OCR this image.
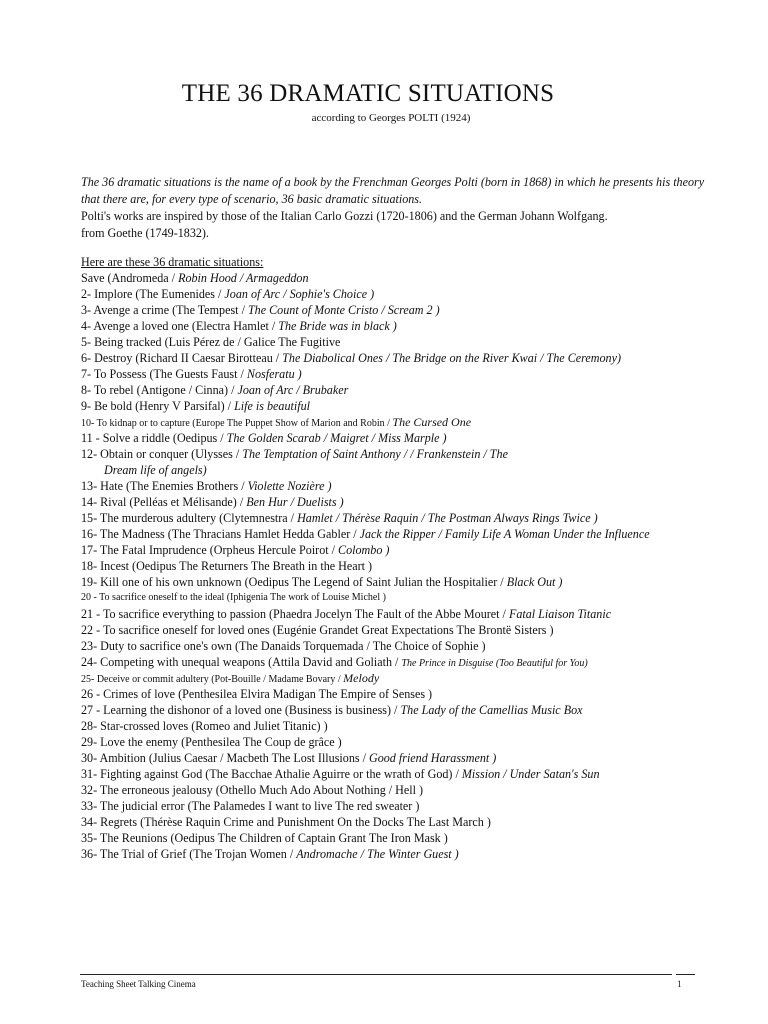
THE 36 DRAMATIC SITUATIONS
according to Georges POLTI (1924)

The 36 dramatic situations is the name of a book by the Frenchman Georges Polti (born in 1868) in which he presents his theory that there are, for every type of scenario, 36 basic dramatic situations.

Polti's works are inspired by those of the Italian Carlo Gozzi (1720-1806) and the German Johann Wolfgang.

from Goethe (1749-1832).

Here are these 36 dramatic situations:
Save (Andromeda / Robin Hood / Armageddon
2- Implore (The Eumenides / Joan of Arc / Sophie's Choice )
3- Avenge a crime (The Tempest / The Count of Monte Cristo / Scream 2 )
4- Avenge a loved one (Electra Hamlet / The Bride was in black )
5- Being tracked (Luis Pérez de / Galice The Fugitive
6- Destroy (Richard II Caesar Birotteau / The Diabolical Ones / The Bridge on the River Kwai / The Ceremony)
7- To Possess (The Guests Faust / Nosferatu )
8- To rebel (Antigone / Cinna) / Joan of Arc / Brubaker
9- Be bold (Henry V Parsifal) / Life is beautiful
10- To kidnap or to capture (Europe The Puppet Show of Marion and Robin / The Cursed One
11 - Solve a riddle (Oedipus / The Golden Scarab / Maigret / Miss Marple )
12- Obtain or conquer (Ulysses / The Temptation of Saint Anthony / / Frankenstein / The
Dream life of angels)
13- Hate (The Enemies Brothers / Violette Nozière )
14- Rival (Pelléas et Mélisande) / Ben Hur / Duelists )
15- The murderous adultery (Clytemnestra / Hamlet / Thérèse Raquin / The Postman Always Rings Twice )
16- The Madness (The Thracians Hamlet Hedda Gabler / Jack the Ripper / Family Life A Woman Under the Influence
17- The Fatal Imprudence (Orpheus Hercule Poirot / Colombo )
18- Incest (Oedipus The Returners The Breath in the Heart )
19- Kill one of his own unknown (Oedipus The Legend of Saint Julian the Hospitalier / Black Out )
20 - To sacrifice oneself to the ideal (Iphigenia The work of Louise Michel )
21 - To sacrifice everything to passion (Phaedra Jocelyn The Fault of the Abbe Mouret / Fatal Liaison Titanic
22 - To sacrifice oneself for loved ones (Eugénie Grandet Great Expectations The Brontë Sisters )
23- Duty to sacrifice one's own (The Danaids Torquemada / The Choice of Sophie )
24- Competing with unequal weapons (Attila David and Goliath / The Prince in Disguise (Too Beautiful for You)
25- Deceive or commit adultery (Pot-Bouille / Madame Bovary / Melody
26 - Crimes of love (Penthesilea Elvira Madigan The Empire of Senses )
27 - Learning the dishonor of a loved one (Business is business) / The Lady of the Camellias Music Box
28- Star-crossed loves (Romeo and Juliet Titanic) )
29- Love the enemy (Penthesilea The Coup de grâce )
30- Ambition (Julius Caesar / Macbeth The Lost Illusions / Good friend Harassment )
31- Fighting against God (The Bacchae Athalie Aguirre or the wrath of God) / Mission / Under Satan's Sun
32- The erroneous jealousy (Othello Much Ado About Nothing / Hell )
33- The judicial error (The Palamedes I want to live The red sweater )
34- Regrets (Thérèse Raquin Crime and Punishment On the Docks The Last March )
35- The Reunions (Oedipus The Children of Captain Grant The Iron Mask )
36- The Trial of Grief (The Trojan Women / Andromache / The Winter Guest )
Teaching Sheet Talking Cinema	1
